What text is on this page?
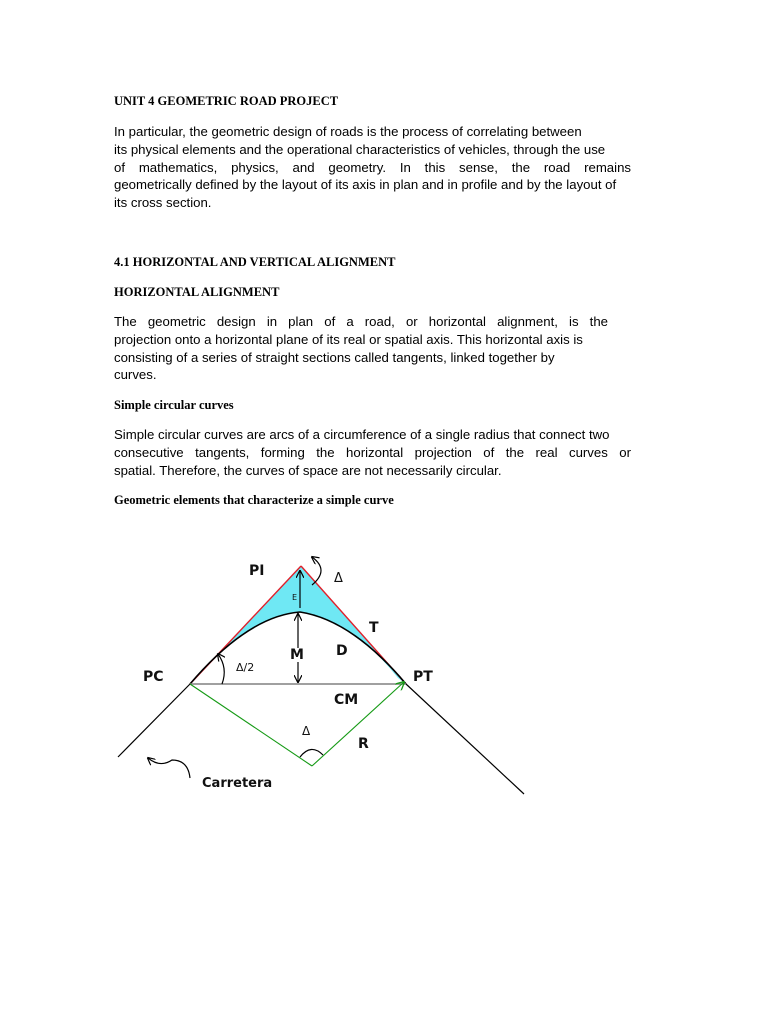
UNIT 4 GEOMETRIC ROAD PROJECT
In particular, the geometric design of roads is the process of correlating between
its physical elements and the operational characteristics of vehicles, through the use
of mathematics, physics, and geometry. In this sense, the road remains
geometrically defined by the layout of its axis in plan and in profile and by the layout of
its cross section.
4.1 HORIZONTAL AND VERTICAL ALIGNMENT
HORIZONTAL ALIGNMENT
The geometric design in plan of a road, or horizontal alignment, is the
projection onto a horizontal plane of its real or spatial axis. This horizontal axis is
consisting of a series of straight sections called tangents, linked together by
curves.
Simple circular curves
Simple circular curves are arcs of a circumference of a single radius that connect two
consecutive tangents, forming the horizontal projection of the real curves or
spatial. Therefore, the curves of space are not necessarily circular.
Geometric elements that characterize a simple curve
PI	Δ
E
T
D
M
Δ/2
PC	PT
CM
Δ
R
Carretera
